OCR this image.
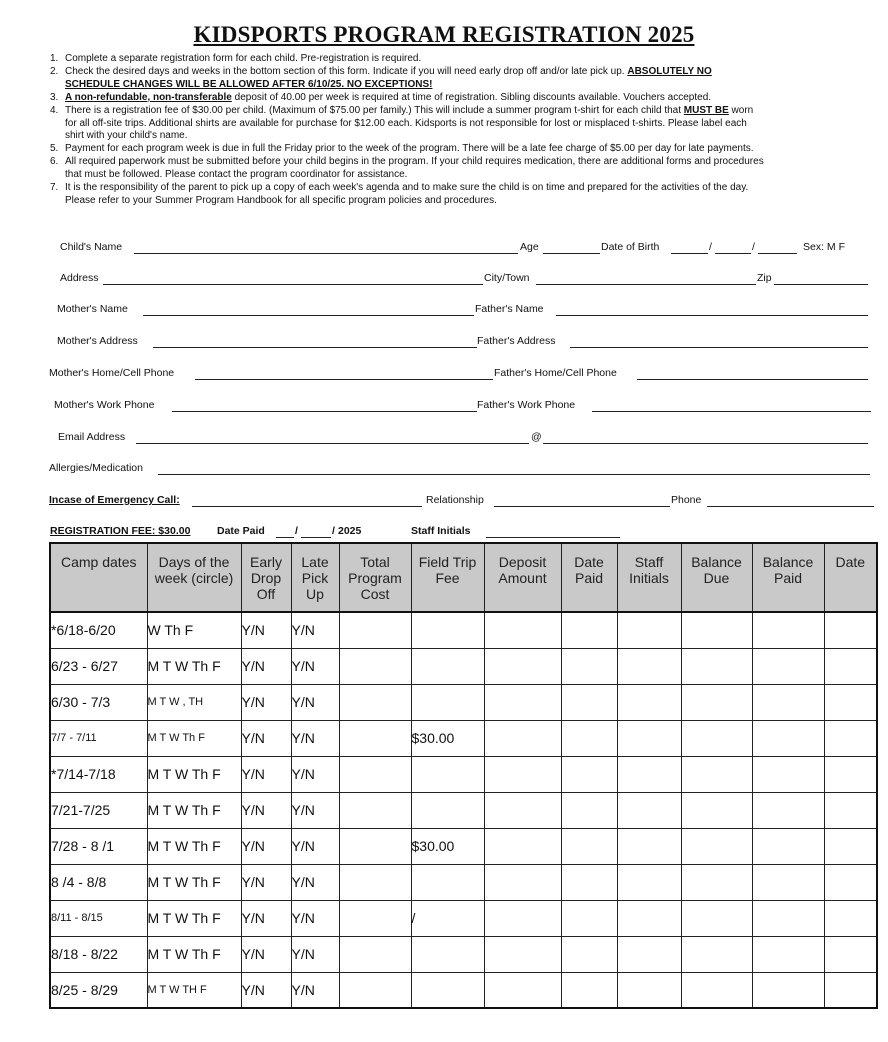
KIDSPORTS PROGRAM REGISTRATION 2025
1. Complete a separate registration form for each child. Pre-registration is required.
2. Check the desired days and weeks in the bottom section of this form. Indicate if you will need early drop off and/or late pick up. ABSOLUTELY NO
SCHEDULE CHANGES WILL BE ALLOWED AFTER 6/10/25. NO EXCEPTIONS!
3. A non-refundable, non-transferable deposit of 40.00 per week is required at time of registration. Sibling discounts available. Vouchers accepted.
4. There is a registration fee of $30.00 per child. (Maximum of $75.00 per family.) This will include a summer program t-shirt for each child that MUST BE worn
for all off-site trips. Additional shirts are available for purchase for $12.00 each. Kidsports is not responsible for lost or misplaced t-shirts. Please label each
shirt with your child's name.
5. Payment for each program week is due in full the Friday prior to the week of the program. There will be a late fee charge of $5.00 per day for late payments.
6. All required paperwork must be submitted before your child begins in the program. If your child requires medication, there are additional forms and procedures
that must be followed. Please contact the program coordinator for assistance.
7. It is the responsibility of the parent to pick up a copy of each week's agenda and to make sure the child is on time and prepared for the activities of the day.
Please refer to your Summer Program Handbook for all specific program policies and procedures.
Child's Name	Age	Date of Birth	/	/	Sex: M F
Address	City/Town	Zip
Mother's Name	Father's Name
Mother's Address	Father's Address
Mother's Home/Cell Phone	Father's Home/Cell Phone
Mother's Work Phone	Father's Work Phone
Email Address	@
Allergies/Medication
Incase of Emergency Call:	Relationship	Phone
REGISTRATION FEE: $30.00	Date Paid	/	/ 2025	Staff Initials
Camp dates	Days of the week (circle)	Early Drop Off	Late Pick Up	Total Program Cost	Field Trip Fee	Deposit Amount	Date Paid	Staff Initials	Balance Due	Balance Paid	Date
*6/18-6/20	W Th F	Y/N	Y/N								
6/23 - 6/27	M T W Th F	Y/N	Y/N								
6/30 - 7/3	M T W , TH	Y/N	Y/N								
7/7 - 7/11	M T W Th F	Y/N	Y/N		$30.00						
*7/14-7/18	M T W Th F	Y/N	Y/N								
7/21-7/25	M T W Th F	Y/N	Y/N								
7/28 - 8 /1	M T W Th F	Y/N	Y/N		$30.00						
8 /4 - 8/8	M T W Th F	Y/N	Y/N								
8/11 - 8/15	M T W Th F	Y/N	Y/N		/						
8/18 - 8/22	M T W Th F	Y/N	Y/N								
8/25 - 8/29	M T W TH F	Y/N	Y/N								
